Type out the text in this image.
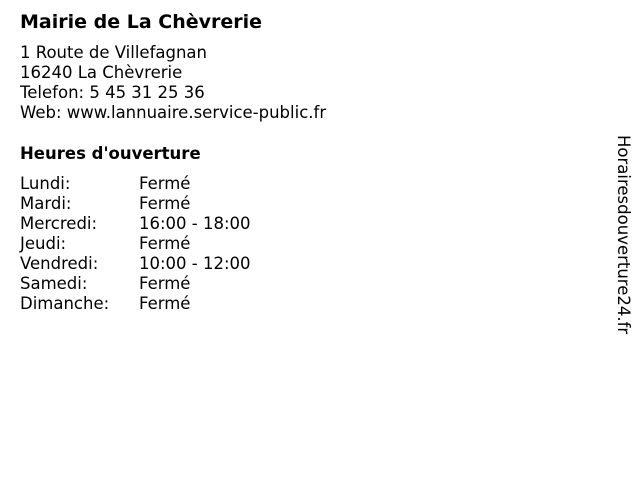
Mairie de La Chèvrerie
1 Route de Villefagnan
16240 La Chèvrerie
Telefon: 5 45 31 25 36
Web: www.lannuaire.service-public.fr
Heures d'ouverture
Lundi:	Fermé
Mardi:	Fermé
Mercredi:	16:00 - 18:00
Jeudi:	Fermé
Vendredi:	10:00 - 12:00
Samedi:	Fermé
Dimanche:	Fermé	Horairesdouverture24.fr
